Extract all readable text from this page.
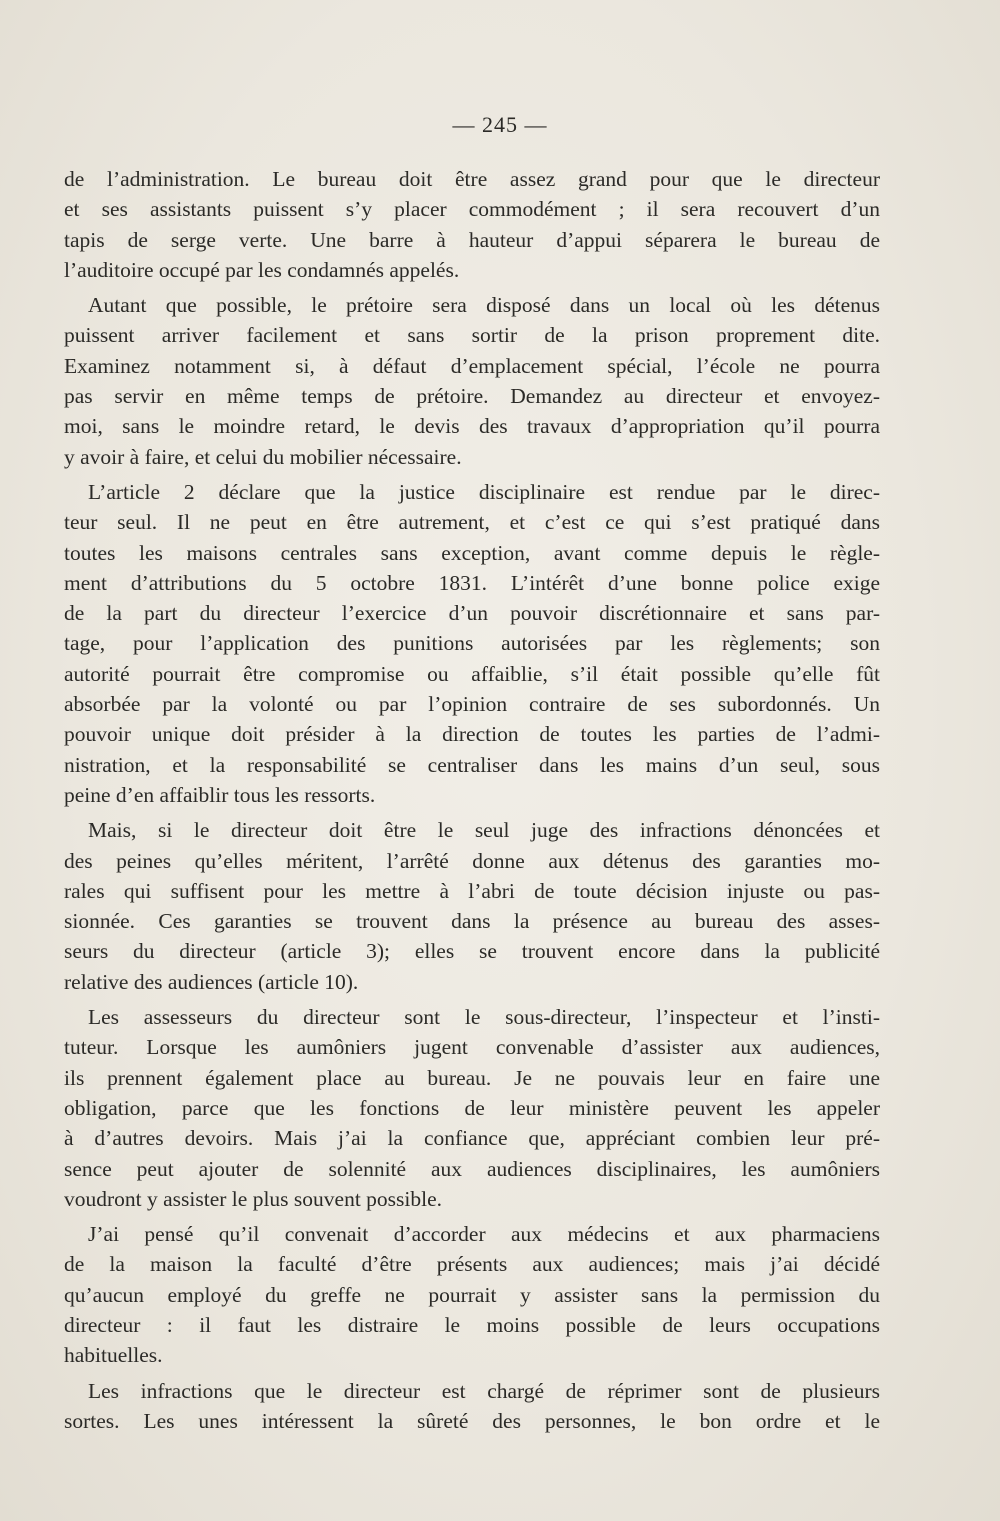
— 245 —

de l’administration. Le bureau doit être assez grand pour que le directeur
et ses assistants puissent s’y placer commodément ; il sera recouvert d’un
tapis de serge verte. Une barre à hauteur d’appui séparera le bureau de
l’auditoire occupé par les condamnés appelés.

Autant que possible, le prétoire sera disposé dans un local où les détenus
puissent arriver facilement et sans sortir de la prison proprement dite.
Examinez notamment si, à défaut d’emplacement spécial, l’école ne pourra
pas servir en même temps de prétoire. Demandez au directeur et envoyez-
moi, sans le moindre retard, le devis des travaux d’appropriation qu’il pourra
y avoir à faire, et celui du mobilier nécessaire.

L’article 2 déclare que la justice disciplinaire est rendue par le direc-
teur seul. Il ne peut en être autrement, et c’est ce qui s’est pratiqué dans
toutes les maisons centrales sans exception, avant comme depuis le règle-
ment d’attributions du 5 octobre 1831. L’intérêt d’une bonne police exige
de la part du directeur l’exercice d’un pouvoir discrétionnaire et sans par-
tage, pour l’application des punitions autorisées par les règlements; son
autorité pourrait être compromise ou affaiblie, s’il était possible qu’elle fût
absorbée par la volonté ou par l’opinion contraire de ses subordonnés. Un
pouvoir unique doit présider à la direction de toutes les parties de l’admi-
nistration, et la responsabilité se centraliser dans les mains d’un seul, sous
peine d’en affaiblir tous les ressorts.

Mais, si le directeur doit être le seul juge des infractions dénoncées et
des peines qu’elles méritent, l’arrêté donne aux détenus des garanties mo-
rales qui suffisent pour les mettre à l’abri de toute décision injuste ou pas-
sionnée. Ces garanties se trouvent dans la présence au bureau des asses-
seurs du directeur (article 3); elles se trouvent encore dans la publicité
relative des audiences (article 10).

Les assesseurs du directeur sont le sous-directeur, l’inspecteur et l’insti-
tuteur. Lorsque les aumôniers jugent convenable d’assister aux audiences,
ils prennent également place au bureau. Je ne pouvais leur en faire une
obligation, parce que les fonctions de leur ministère peuvent les appeler
à d’autres devoirs. Mais j’ai la confiance que, appréciant combien leur pré-
sence peut ajouter de solennité aux audiences disciplinaires, les aumôniers
voudront y assister le plus souvent possible.

J’ai pensé qu’il convenait d’accorder aux médecins et aux pharmaciens
de la maison la faculté d’être présents aux audiences; mais j’ai décidé
qu’aucun employé du greffe ne pourrait y assister sans la permission du
directeur : il faut les distraire le moins possible de leurs occupations
habituelles.

Les infractions que le directeur est chargé de réprimer sont de plusieurs
sortes. Les unes intéressent la sûreté des personnes, le bon ordre et le
